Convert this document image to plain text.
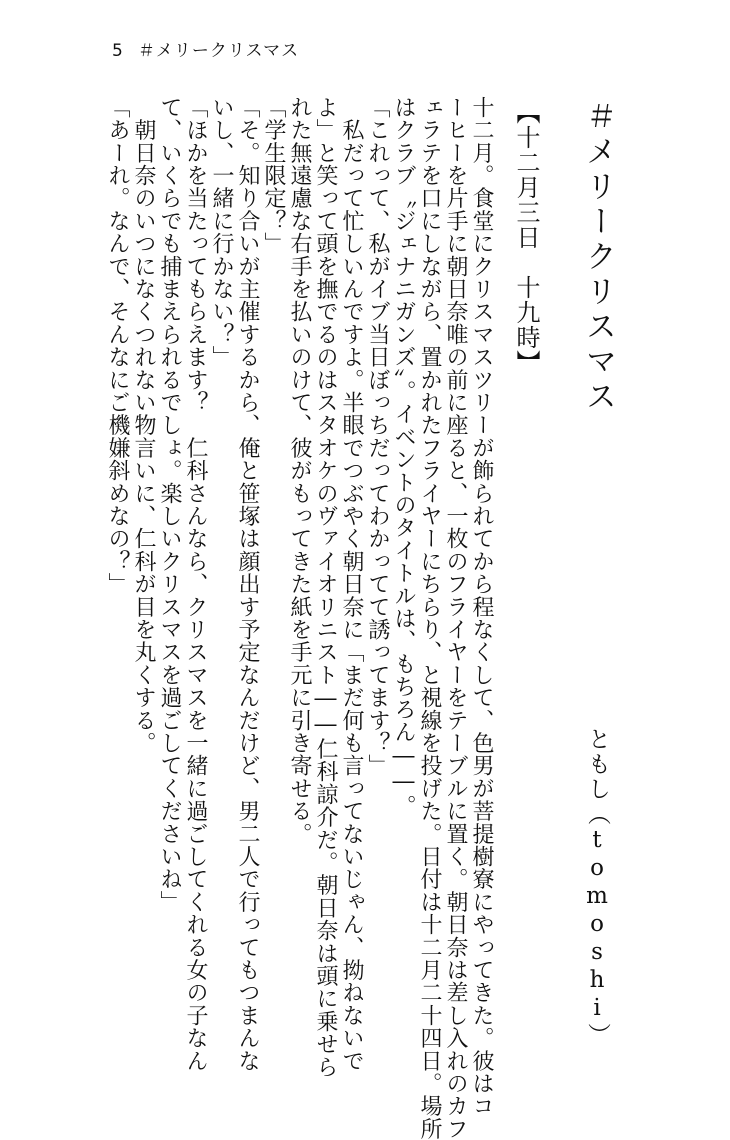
5 ＃メリークリスマス
＃メリークリスマス
ともし（tomoshi）
【十二月三日　十九時】
十二月。食堂にクリスマスツリーが飾られてから程なくして、色男が菩提樹寮にやってきた。彼はコ
ーヒーを片手に朝日奈唯の前に座ると、一枚のフライヤーをテーブルに置く。朝日奈は差し入れのカフ
ェラテを口にしながら、置かれたフライヤーにちらり、と視線を投げた。日付は十二月二十四日。場所
はクラブ〝ジェナニガンズ〟。イベントのタイトルは、もちろん――。
「これって、私がイブ当日ぼっちだってわかってて誘ってます？」
　私だって忙しいんですよ。半眼でつぶやく朝日奈に「まだ何も言ってないじゃん、拗ねないで
よ」と笑って頭を撫でるのはスタオケのヴァイオリニスト――仁科諒介だ。朝日奈は頭に乗せら
れた無遠慮な右手を払いのけて、彼がもってきた紙を手元に引き寄せる。
「学生限定？」
「そ。知り合いが主催するから、俺と笹塚は顔出す予定なんだけど、男二人で行ってもつまんな
いし、一緒に行かない？」
「ほかを当たってもらえます？　仁科さんなら、クリスマスを一緒に過ごしてくれる女の子なん
て、いくらでも捕まえられるでしょ。楽しいクリスマスを過ごしてくださいね」
　朝日奈のいつになくつれない物言いに、仁科が目を丸くする。
「あーれ。なんで、そんなにご機嫌斜めなの？」
